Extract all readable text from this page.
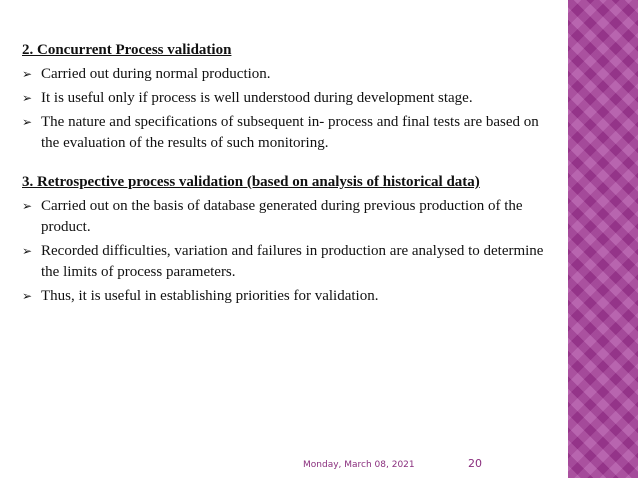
2. Concurrent Process validation
➢ Carried out during normal production.
➢ It is useful only if process is well understood during development stage.
➢ The nature and specifications of subsequent in- process and final tests are based on the evaluation of the results of such monitoring.
3. Retrospective process validation (based on analysis of historical data)
➢ Carried out on the basis of database generated during previous production of the product.
➢ Recorded difficulties, variation and failures in production are analysed to determine the limits of process parameters.
➢ Thus, it is useful in establishing priorities for validation.
Monday, March 08, 2021	20
